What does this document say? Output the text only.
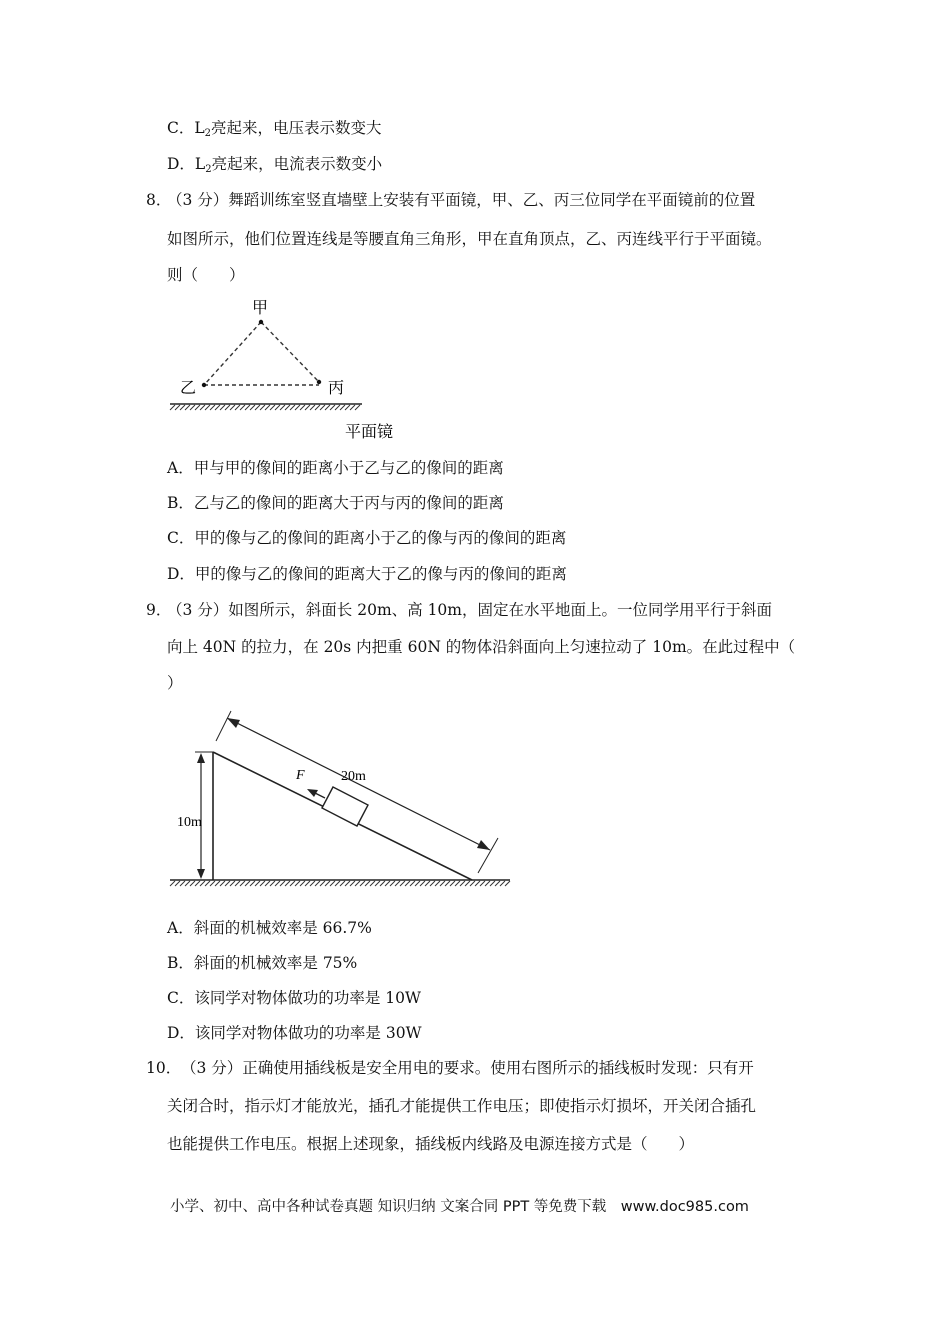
C．$L_2$亮起来，电压表示数变大
D．$L_2$亮起来，电流表示数变小
8．
（3 分）舞蹈训练室竖直墙壁上安装有平面镜，甲、乙、丙三位同学在平面镜前的位置
如图所示，他们位置连线是等腰直角三角形，甲在直角顶点，乙、丙连线平行于平面镜。
则（　　）
甲
乙	丙
平面镜
A．甲与甲的像间的距离小于乙与乙的像间的距离
B．乙与乙的像间的距离大于丙与丙的像间的距离
C．甲的像与乙的像间的距离小于乙的像与丙的像间的距离
D．甲的像与乙的像间的距离大于乙的像与丙的像间的距离
9．
（3 分）如图所示，斜面长 20m、高 10m，固定在水平地面上。一位同学用平行于斜面
向上 40N 的拉力，在 20s 内把重 60N 的物体沿斜面向上匀速拉动了 10m。在此过程中（
）
10m
20m
F
A．斜面的机械效率是 66.7%
B．斜面的机械效率是 75%
C．该同学对物体做功的功率是 10W
D．该同学对物体做功的功率是 30W
10． （3 分）正确使用插线板是安全用电的要求。使用右图所示的插线板时发现：只有开
关闭合时，指示灯才能放光，插孔才能提供工作电压；即使指示灯损坏，开关闭合插孔
也能提供工作电压。根据上述现象，插线板内线路及电源连接方式是（　　）
小学、初中、高中各种试卷真题 知识归纳 文案合同 PPT 等免费下载　www.doc985.com
